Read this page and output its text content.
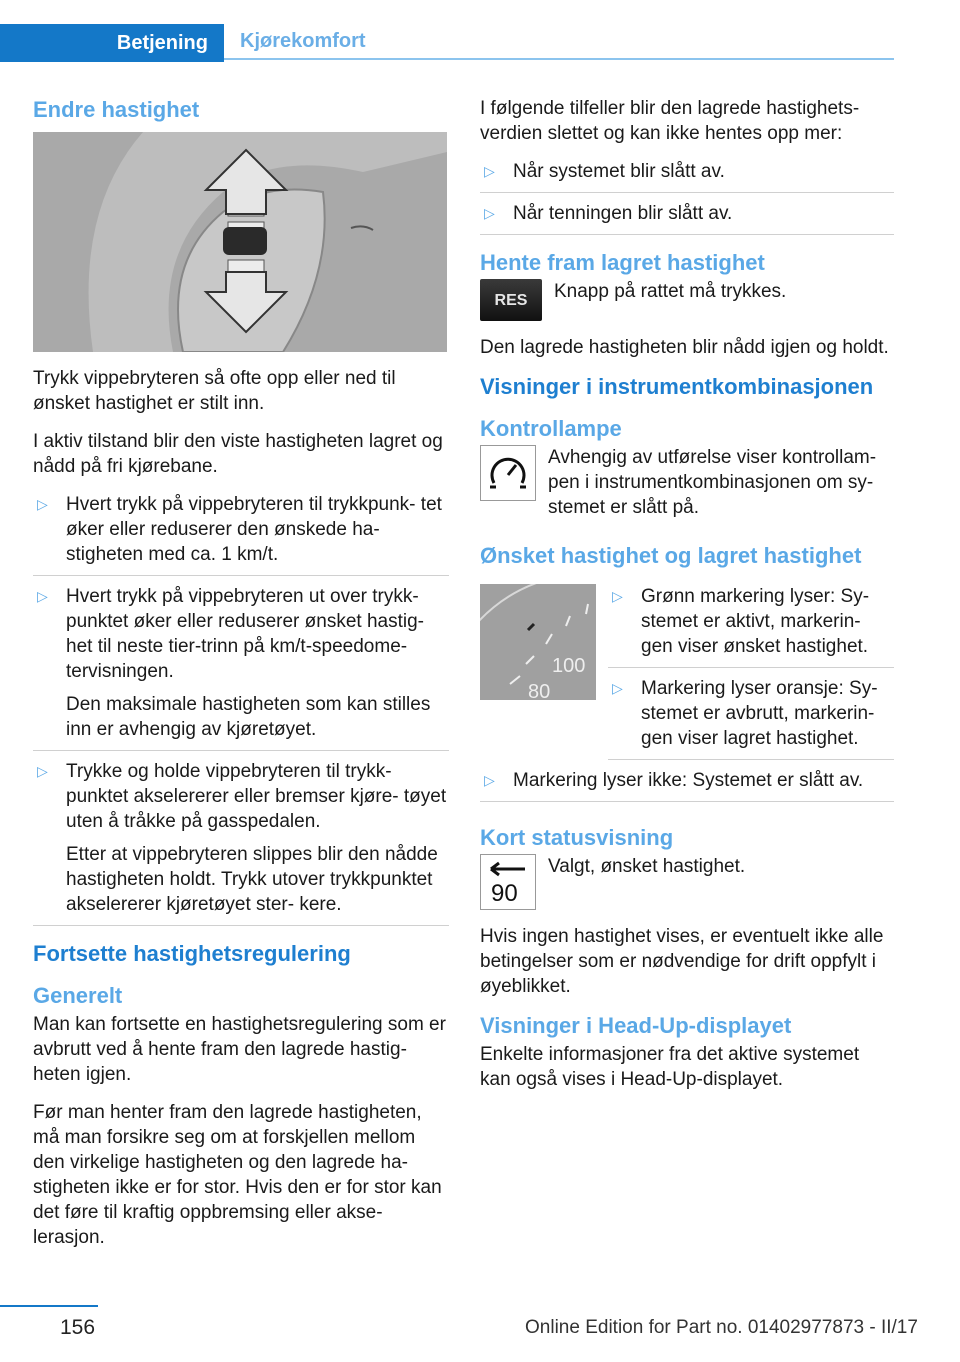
Betjening	Kjørekomfort
Endre hastighet

Trykk vippebryteren så ofte opp eller ned til ønsket hastighet er stilt inn.

I aktiv tilstand blir den viste hastigheten lagret og nådd på fri kjørebane.

▷ Hvert trykk på vippebryteren til trykkpunk- tet øker eller reduserer den ønskede ha- stigheten med ca. 1 km/t.

▷ Hvert trykk på vippebryteren ut over trykk- punktet øker eller reduserer ønsket hastig- het til neste tier-trinn på km/t-speedome- tervisningen.

Den maksimale hastigheten som kan stilles inn er avhengig av kjøretøyet.

▷ Trykke og holde vippebryteren til trykk- punktet akselererer eller bremser kjøre- tøyet uten å tråkke på gasspedalen.

Etter at vippebryteren slippes blir den nådde hastigheten holdt. Trykk utover trykkpunktet akselererer kjøretøyet ster- kere.

Fortsette hastighetsregulering
Generelt

Man kan fortsette en hastighetsregulering som er avbrutt ved å hente fram den lagrede hastig- heten igjen.

Før man henter fram den lagrede hastigheten, må man forsikre seg om at forskjellen mellom den virkelige hastigheten og den lagrede ha- stigheten ikke er for stor. Hvis den er for stor kan det føre til kraftig oppbremsing eller akse- lerasjon.

I følgende tilfeller blir den lagrede hastighets- verdien slettet og kan ikke hentes opp mer:

▷ Når systemet blir slått av.

▷ Når tenningen blir slått av.

Hente fram lagret hastighet
RES	Knapp på rattet må trykkes.

Den lagrede hastigheten blir nådd igjen og holdt.

Visninger i instrumentkombinasjonen
Kontrollampe
Avhengig av utførelse viser kontrollam- pen i instrumentkombinasjonen om sy- stemet er slått på.
Ønsket hastighet og lagret hastighet
100
80
▷ Grønn markering lyser: Sy- stemet er aktivt, markerin- gen viser ønsket hastighet.

▷ Markering lyser oransje: Sy- stemet er avbrutt, markerin- gen viser lagret hastighet.

▷ Markering lyser ikke: Systemet er slått av.

Kort statusvisning
90
Valgt, ønsket hastighet.

Hvis ingen hastighet vises, er eventuelt ikke alle betingelser som er nødvendige for drift oppfylt i øyeblikket.

Visninger i Head-Up-displayet

Enkelte informasjoner fra det aktive systemet kan også vises i Head-Up-displayet.

156	Online Edition for Part no. 01402977873 - II/17
